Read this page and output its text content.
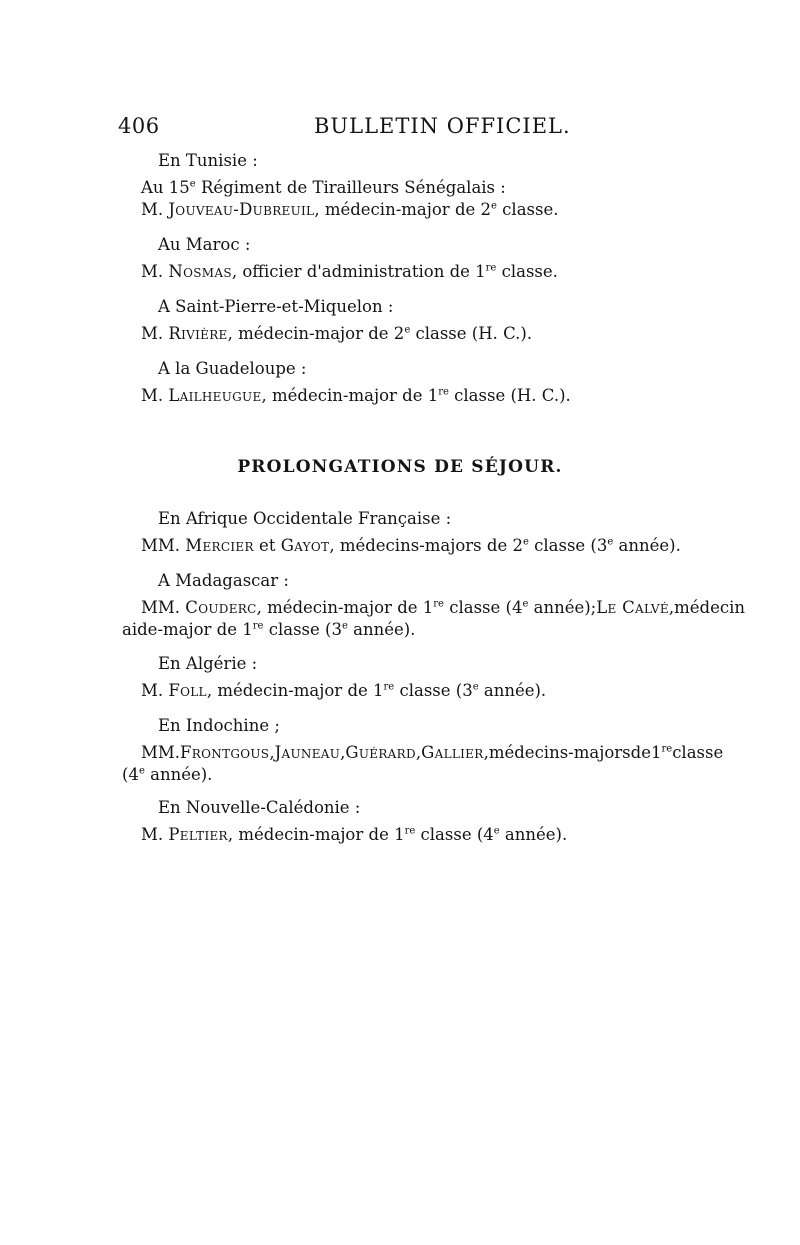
406	BULLETIN OFFICIEL.
En Tunisie :
Au 15e Régiment de Tirailleurs Sénégalais :
M. Jouveau-Dubreuil, médecin-major de 2e classe.
Au Maroc :
M. Nosmas, officier d'administration de 1re classe.
A Saint-Pierre-et-Miquelon :
M. Rivière, médecin-major de 2e classe (H. C.).
A la Guadeloupe :
M. Lailheugue, médecin-major de 1re classe (H. C.).
PROLONGATIONS DE SÉJOUR.
En Afrique Occidentale Française :
MM. Mercier et Gayot, médecins-majors de 2e classe (3e année).
A Madagascar :
MM. Couderc, médecin-major de 1re classe (4e année); Le Calvé, médecin
aide-major de 1re classe (3e année).
En Algérie :
M. Foll, médecin-major de 1re classe (3e année).
En Indochine ;
MM. Frontgous, Jauneau, Guérard, Gallier, médecins-majors de 1re classe
(4e année).
En Nouvelle-Calédonie :
M. Peltier, médecin-major de 1re classe (4e année).
